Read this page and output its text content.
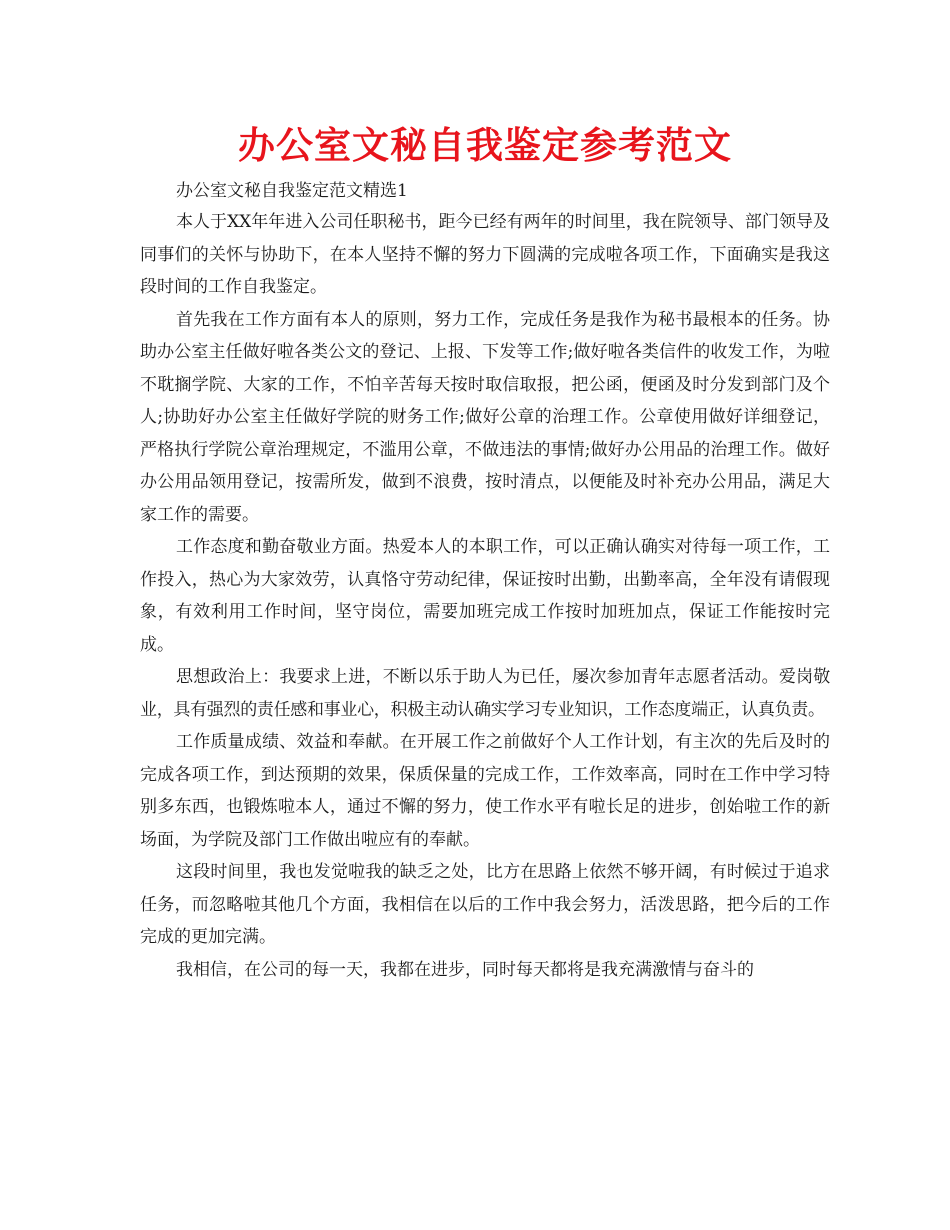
办公室文秘自我鉴定参考范文

办公室文秘自我鉴定范文精选1

本人于XX年年进入公司任职秘书，距今已经有两年的时间里，我在院领导、部门领导及同事们的关怀与协助下，在本人坚持不懈的努力下圆满的完成啦各项工作，下面确实是我这段时间的工作自我鉴定。

首先我在工作方面有本人的原则，努力工作，完成任务是我作为秘书最根本的任务。协助办公室主任做好啦各类公文的登记、上报、下发等工作;做好啦各类信件的收发工作，为啦不耽搁学院、大家的工作，不怕辛苦每天按时取信取报，把公函，便函及时分发到部门及个人;协助好办公室主任做好学院的财务工作;做好公章的治理工作。公章使用做好详细登记，严格执行学院公章治理规定，不滥用公章，不做违法的事情;做好办公用品的治理工作。做好办公用品领用登记，按需所发，做到不浪费，按时清点，以便能及时补充办公用品，满足大家工作的需要。

工作态度和勤奋敬业方面。热爱本人的本职工作，可以正确认确实对待每一项工作，工作投入，热心为大家效劳，认真恪守劳动纪律，保证按时出勤，出勤率高，全年没有请假现象，有效利用工作时间，坚守岗位，需要加班完成工作按时加班加点，保证工作能按时完成。

思想政治上：我要求上进，不断以乐于助人为已任，屡次参加青年志愿者活动。爱岗敬业，具有强烈的责任感和事业心，积极主动认确实学习专业知识，工作态度端正，认真负责。

工作质量成绩、效益和奉献。在开展工作之前做好个人工作计划，有主次的先后及时的完成各项工作，到达预期的效果，保质保量的完成工作，工作效率高，同时在工作中学习特别多东西，也锻炼啦本人，通过不懈的努力，使工作水平有啦长足的进步，创始啦工作的新场面，为学院及部门工作做出啦应有的奉献。

这段时间里，我也发觉啦我的缺乏之处，比方在思路上依然不够开阔，有时候过于追求任务，而忽略啦其他几个方面，我相信在以后的工作中我会努力，活泼思路，把今后的工作完成的更加完满。

我相信，在公司的每一天，我都在进步，同时每天都将是我充满激情与奋斗的
